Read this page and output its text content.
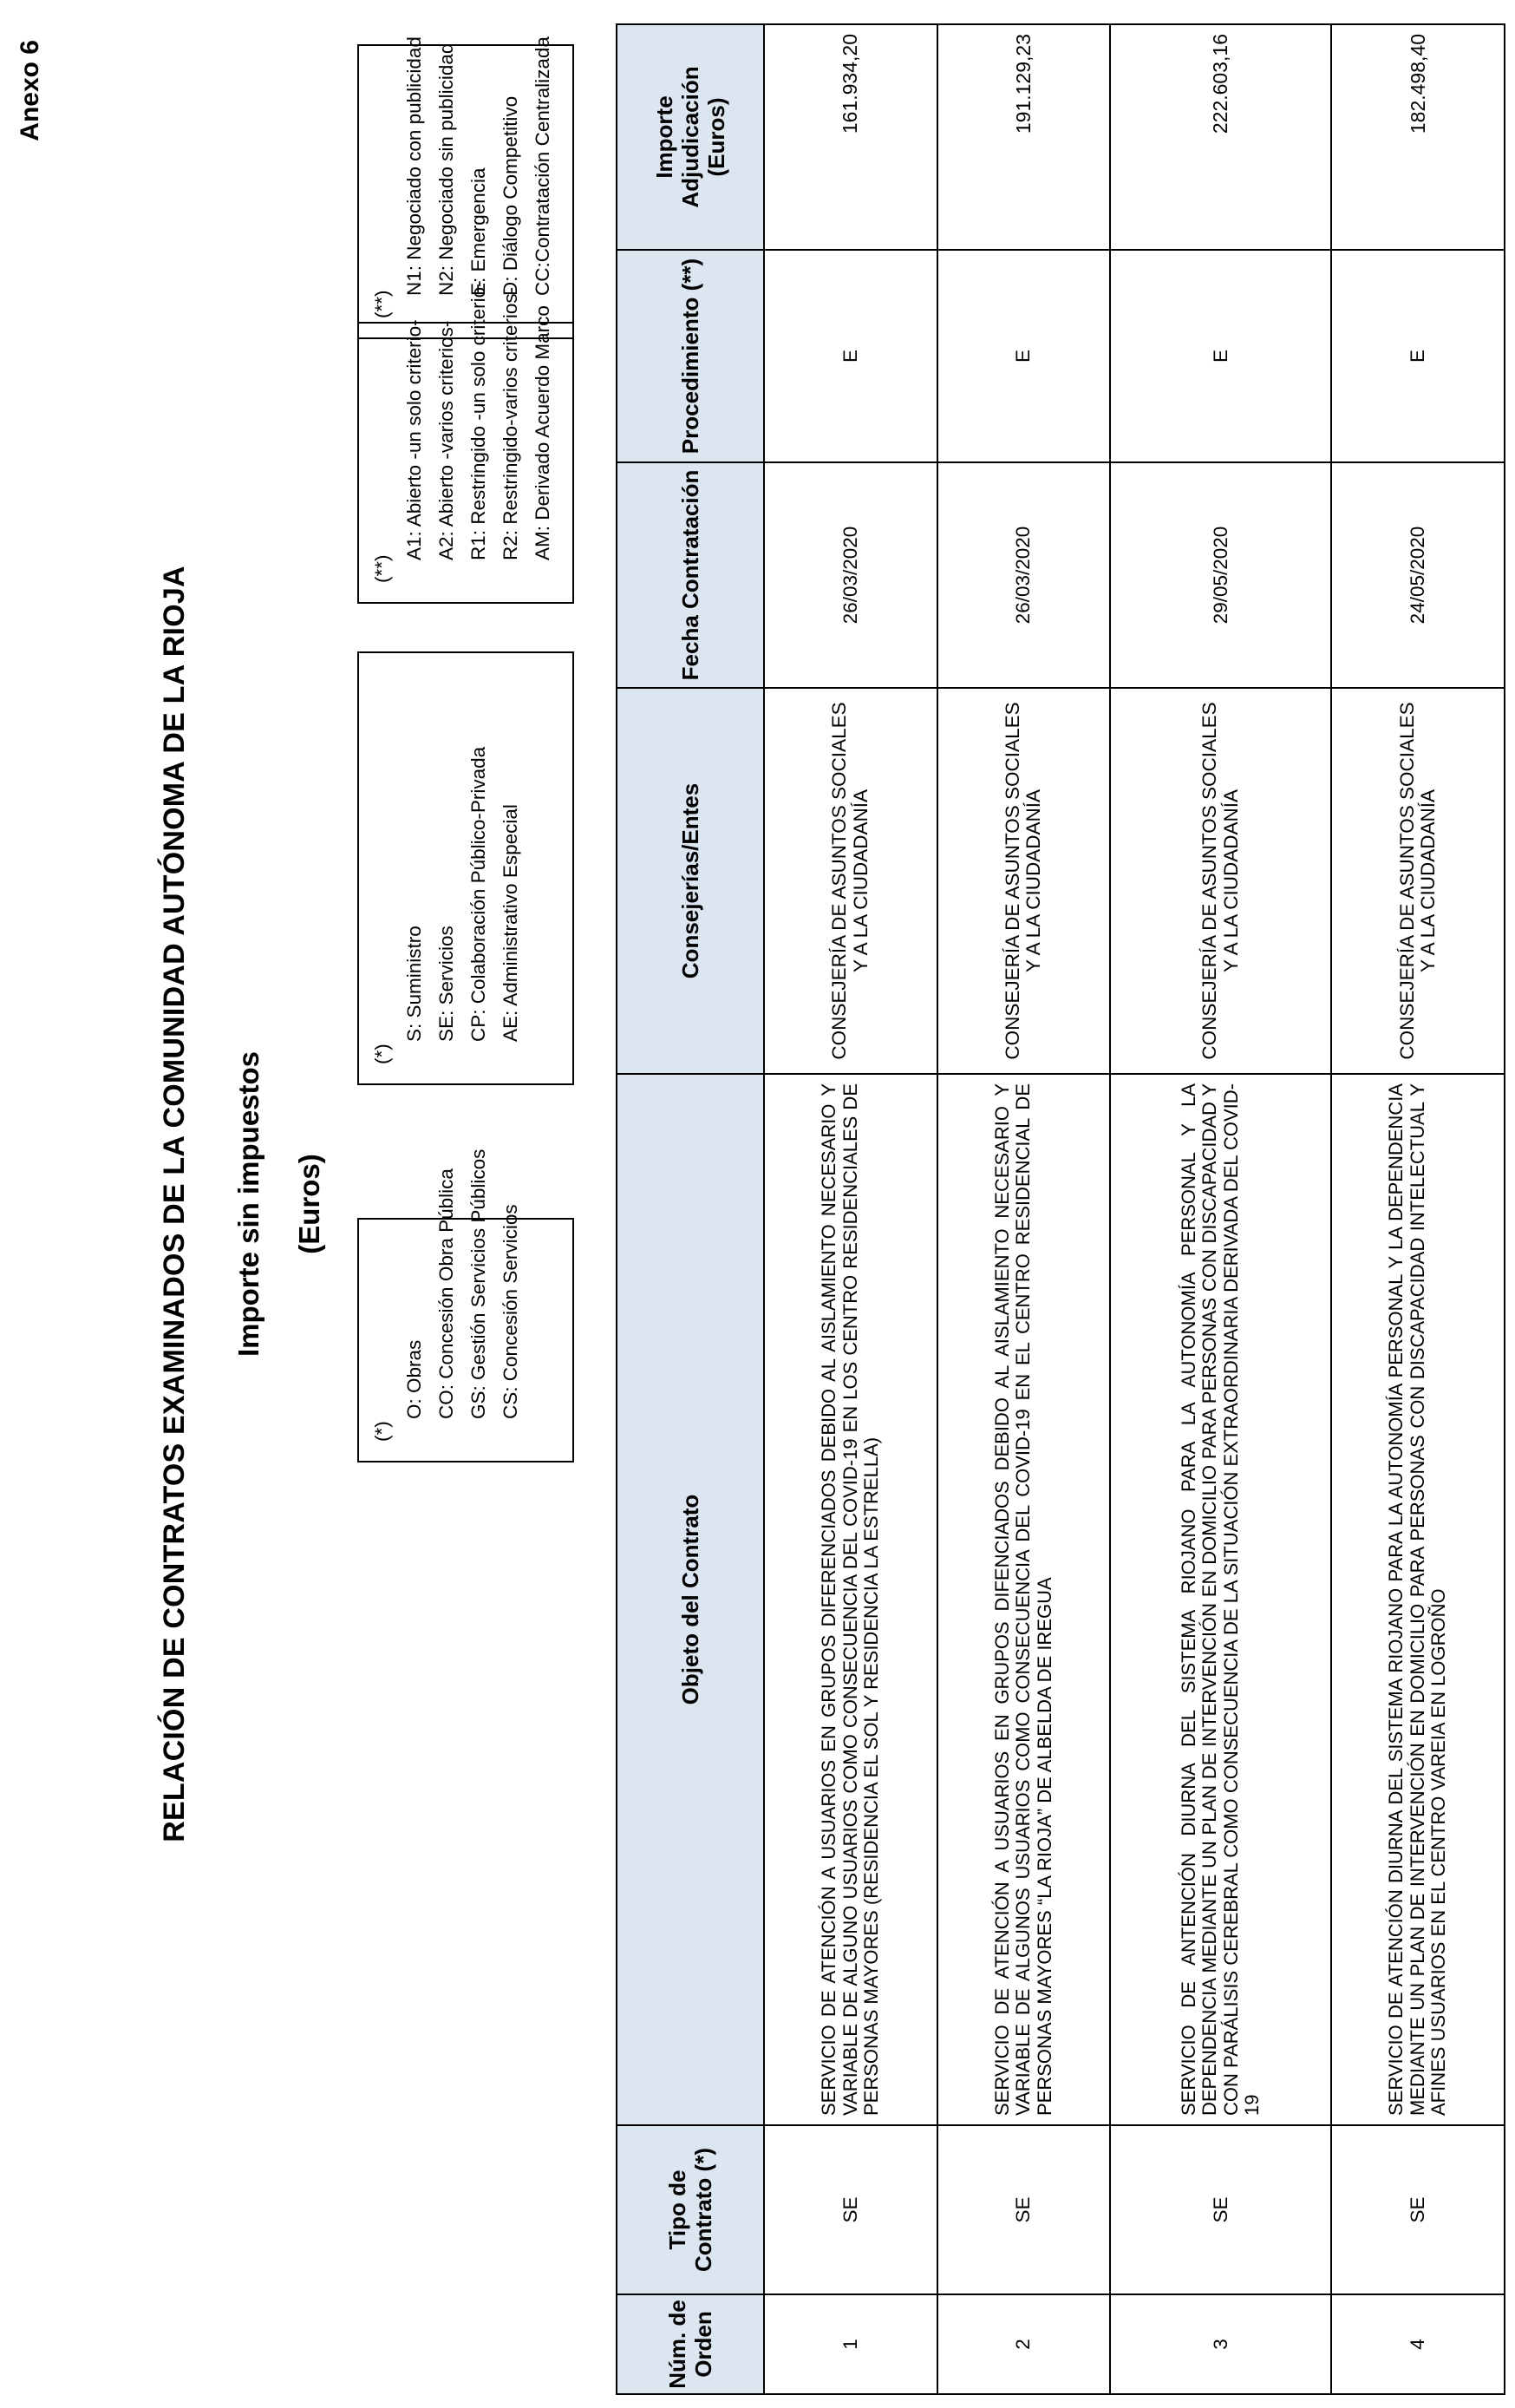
Anexo 6
RELACIÓN DE CONTRATOS EXAMINADOS DE LA COMUNIDAD AUTÓNOMA DE LA RIOJA Importe sin impuestos (Euros)
(*)
O: Obras CO: Concesión Obra Pública GS: Gestión Servicios Públicos CS: Concesión Servicios
(*)
S: Suministro SE: Servicios CP: Colaboración Público-Privada AE: Administrativo Especial
(**)
A1: Abierto -un solo criterio- A2: Abierto -varios criterios- R1: Restringido -un solo criterio- R2: Restringido-varios criterios- AM: Derivado Acuerdo Marco
(**)
N1: Negociado con publicidad N2: Negociado sin publicidad E: Emergencia D: Diálogo Competitivo CC:Contratación Centralizada
Núm. de Orden	Tipo de Contrato (*)	Objeto del Contrato	Consejerías/Entes	Fecha Contratación	Procedimiento (**)	Importe Adjudicación (Euros)
1	SE	SERVICIO DE ATENCIÓN A USUARIOS EN GRUPOS DIFERENCIADOS DEBIDO AL AISLAMIENTO NECESARIO Y VARIABLE DE ALGUNO USUARIOS COMO CONSECUENCIA DEL COVID-19 EN LOS CENTRO RESIDENCIALES DE PERSONAS MAYORES (RESIDENCIA EL SOL Y RESIDENCIA LA ESTRELLA)	CONSEJERÍA DE ASUNTOS SOCIALES Y A LA CIUDADANÍA	26/03/2020	E	161.934,20
2	SE	SERVICIO DE ATENCIÓN A USUARIOS EN GRUPOS DIFENCIADOS DEBIDO AL AISLAMIENTO NECESARIO Y VARIABLE DE ALGUNOS USUARIOS COMO CONSECUENCIA DEL COVID-19 EN EL CENTRO RESIDENCIAL DE PERSONAS MAYORES “LA RIOJA” DE ALBELDA DE IREGUA	CONSEJERÍA DE ASUNTOS SOCIALES Y A LA CIUDADANÍA	26/03/2020	E	191.129,23
3	SE	SERVICIO DE ANTENCIÓN DIURNA DEL SISTEMA RIOJANO PARA LA AUTONOMÍA PERSONAL Y LA DEPENDENCIA MEDIANTE UN PLAN DE INTERVENCIÓN EN DOMICILIO PARA PERSONAS CON DISCAPACIDAD Y CON PARÁLISIS CEREBRAL COMO CONSECUENCIA DE LA SITUACIÓN EXTRAORDINARIA DERIVADA DEL COVID-19	CONSEJERÍA DE ASUNTOS SOCIALES Y A LA CIUDADANÍA	29/05/2020	E	222.603,16
4	SE	SERVICIO DE ATENCIÓN DIURNA DEL SISTEMA RIOJANO PARA LA AUTONOMÍA PERSONAL Y LA DEPENDENCIA MEDIANTE UN PLAN DE INTERVENCIÓN EN DOMICILIO PARA PERSONAS CON DISCAPACIDAD INTELECTUAL Y AFINES USUARIOS EN EL CENTRO VAREIA EN LOGROÑO	CONSEJERÍA DE ASUNTOS SOCIALES Y A LA CIUDADANÍA	24/05/2020	E	182.498,40
